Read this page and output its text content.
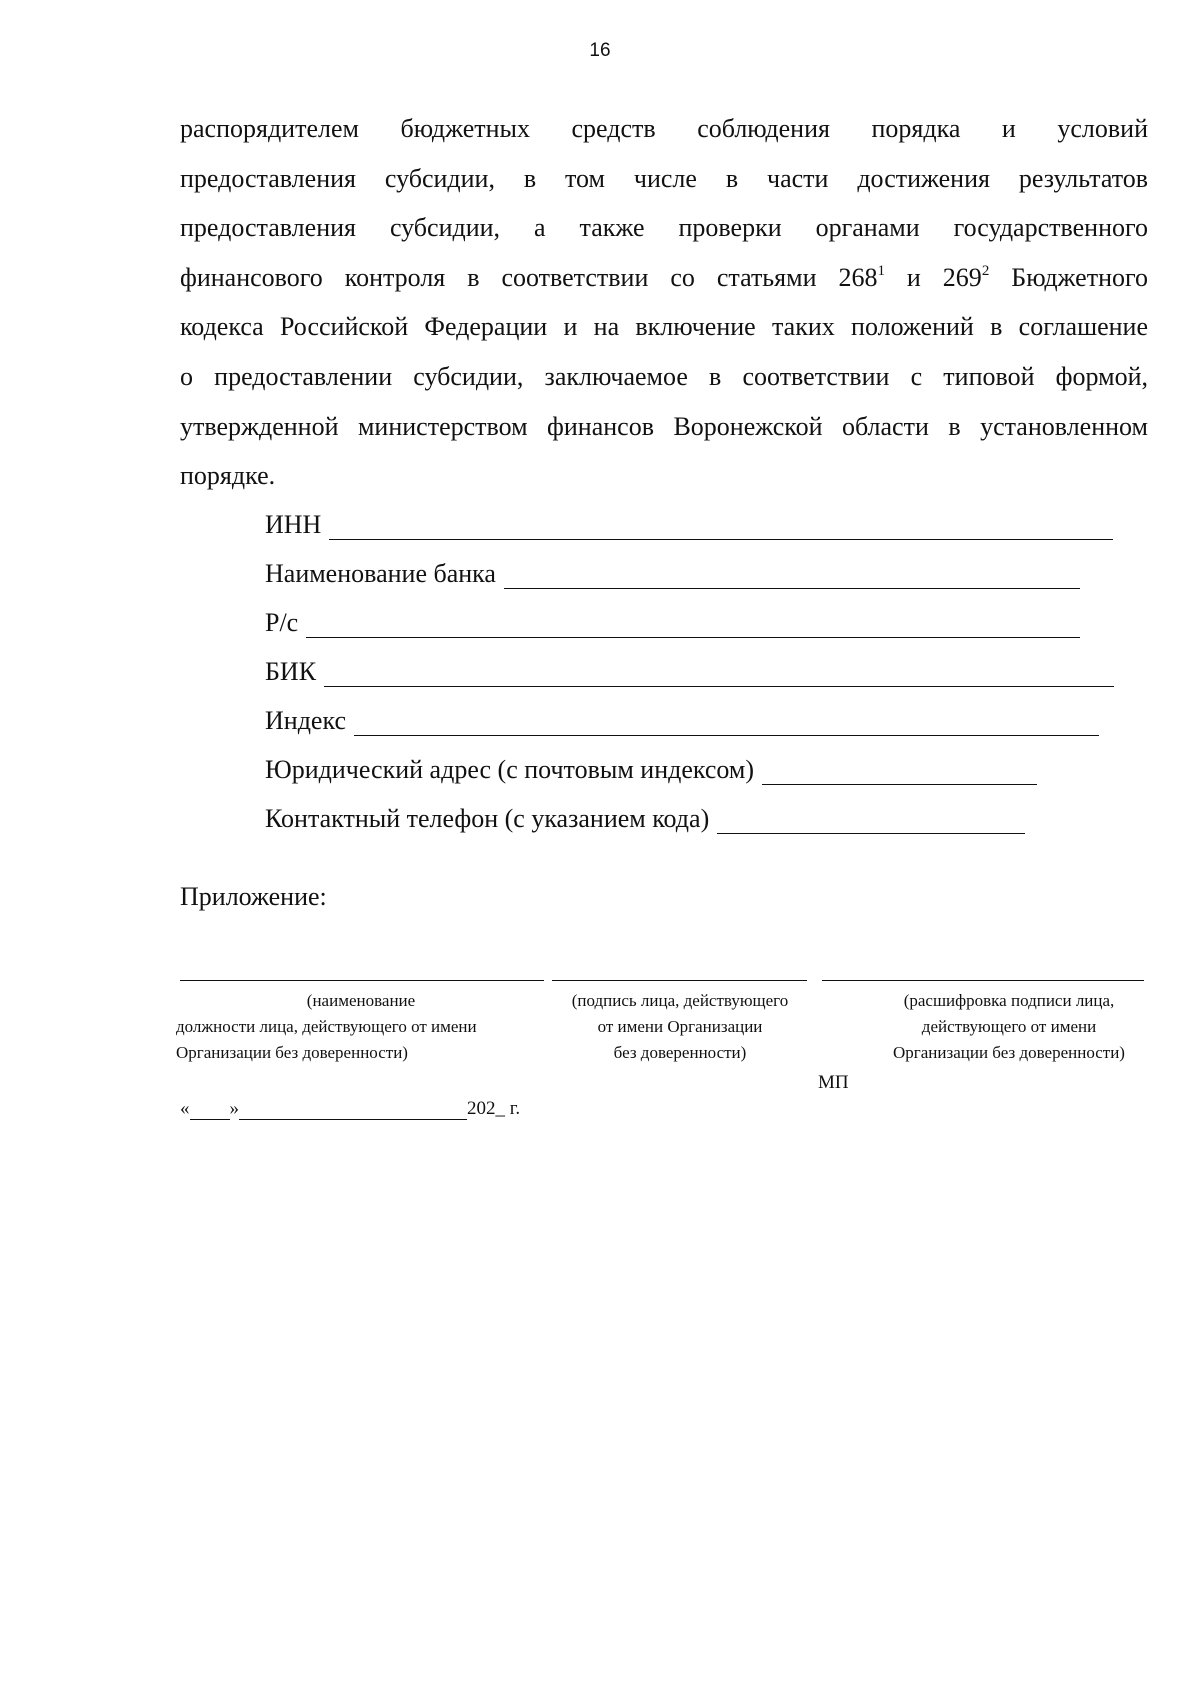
16
распорядителем бюджетных средств соблюдения порядка и условий
предоставления субсидии, в том числе в части достижения результатов
предоставления субсидии, а также проверки органами государственного
финансового контроля в соответствии со статьями $268^1$ и $269^2$ Бюджетного
кодекса Российской Федерации и на включение таких положений в соглашение
о предоставлении субсидии, заключаемое в соответствии с типовой формой,
утвержденной министерством финансов Воронежской области в установленном
порядке.
ИНН
Наименование банка
Р/с
БИК
Индекс
Юридический адрес (с почтовым индексом)
Контактный телефон (с указанием кода)
Приложение:
(наименование
должности лица, действующего от имени
Организации без доверенности)
(подпись лица, действующего
от имени Организации
без доверенности)
(расшифровка подписи лица,
действующего от имени
Организации без доверенности)
МП
« »	202_ г.
